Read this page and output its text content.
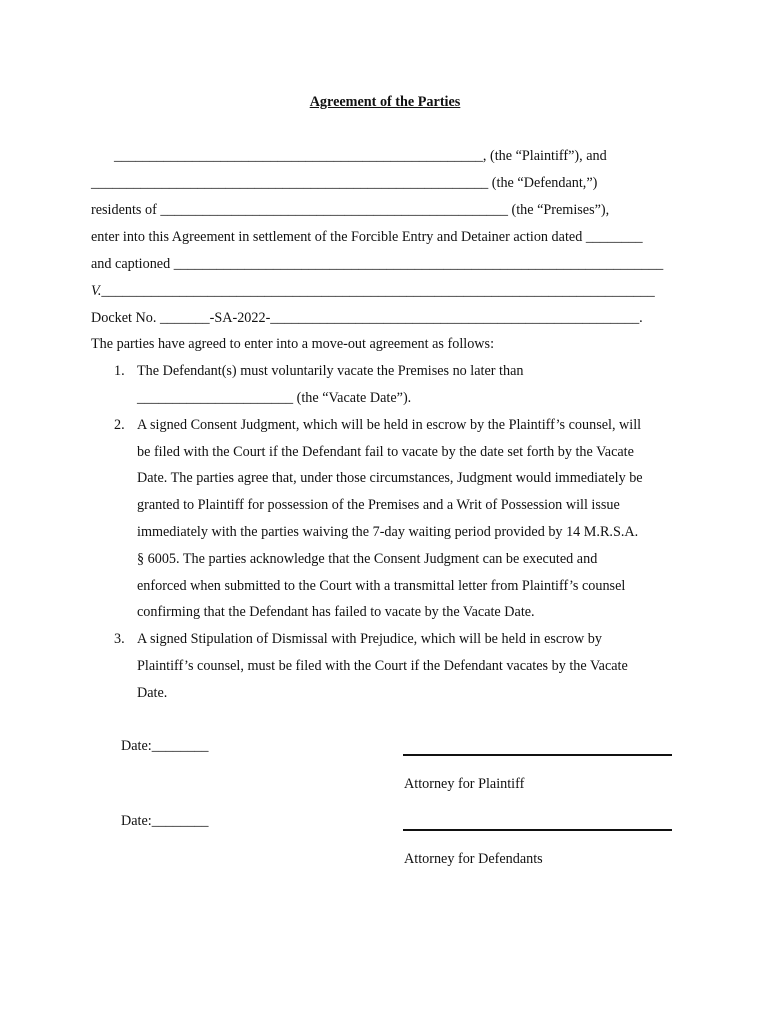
Agreement of the Parties
____________________________________________________, (the “Plaintiff”), and
________________________________________________________ (the “Defendant,”)
residents of _________________________________________________ (the “Premises”),
enter into this Agreement in settlement of the Forcible Entry and Detainer action dated ________
and captioned _____________________________________________________________________
V.______________________________________________________________________________
Docket No. _______-SA-2022-____________________________________________________.
The parties have agreed to enter into a move-out agreement as follows:
1. The Defendant(s) must voluntarily vacate the Premises no later than
______________________ (the “Vacate Date”).
2. A signed Consent Judgment, which will be held in escrow by the Plaintiff’s counsel, will
be filed with the Court if the Defendant fail to vacate by the date set forth by the Vacate
Date. The parties agree that, under those circumstances, Judgment would immediately be
granted to Plaintiff for possession of the Premises and a Writ of Possession will issue
immediately with the parties waiving the 7-day waiting period provided by 14 M.R.S.A.
§ 6005. The parties acknowledge that the Consent Judgment can be executed and
enforced when submitted to the Court with a transmittal letter from Plaintiff’s counsel
confirming that the Defendant has failed to vacate by the Vacate Date.
3. A signed Stipulation of Dismissal with Prejudice, which will be held in escrow by
Plaintiff’s counsel, must be filed with the Court if the Defendant vacates by the Vacate
Date.
Date:________
Attorney for Plaintiff
Date:________
Attorney for Defendants
